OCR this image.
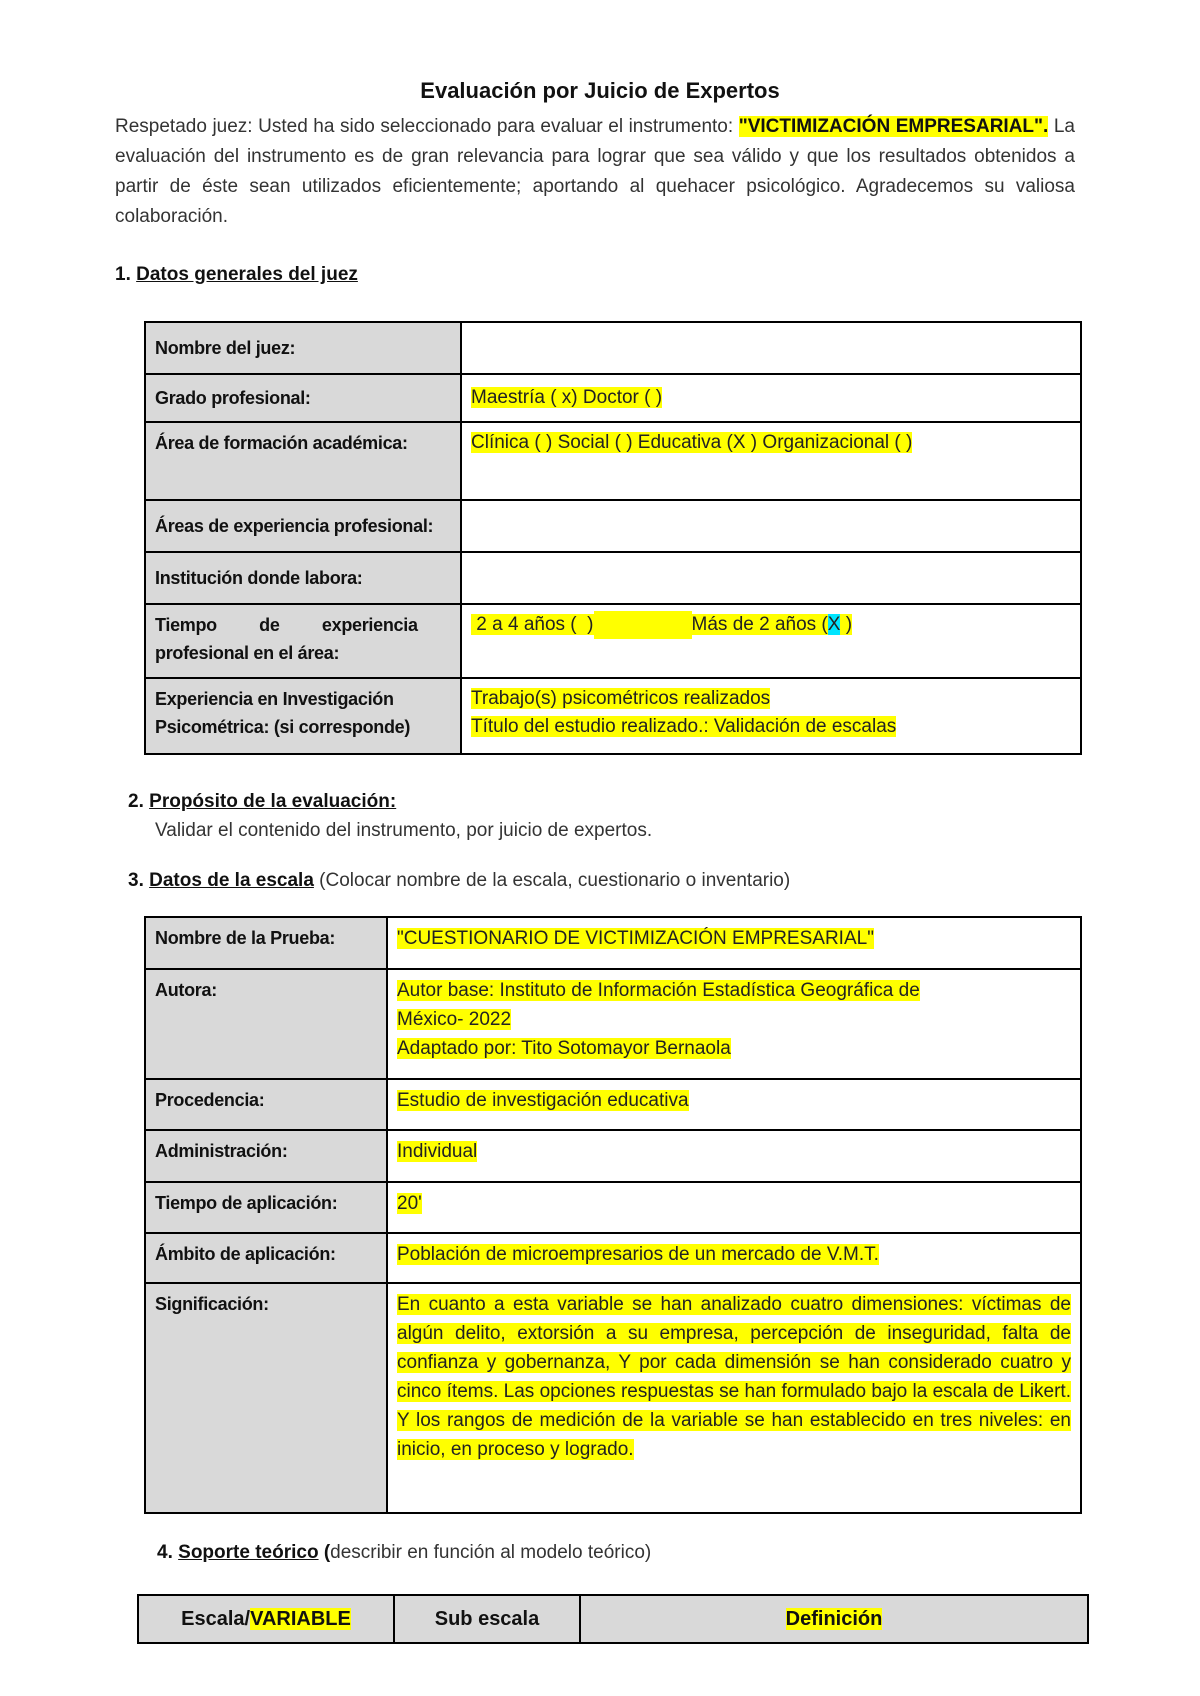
Evaluación por Juicio de Expertos
Respetado juez: Usted ha sido seleccionado para evaluar el instrumento: "VICTIMIZACIÓN EMPRESARIAL". La evaluación del instrumento es de gran relevancia para lograr que sea válido y que los resultados obtenidos a partir de éste sean utilizados eficientemente; aportando al quehacer psicológico. Agradecemos su valiosa colaboración.
1. Datos generales del juez
Nombre del juez:	
Grado profesional:	Maestría ( x) Doctor ( )
Área de formación académica:	Clínica ( ) Social ( ) Educativa (X ) Organizacional ( )
Áreas de experiencia profesional:	
Institución donde labora:	
Tiempo         de         experiencia
profesional en el área:	2 a 4 años (  ) Más de 2 años (X )
Experiencia en Investigación
Psicométrica: (si corresponde)	Trabajo(s) psicométricos realizados
Título del estudio realizado.: Validación de escalas
2. Propósito de la evaluación:
Validar el contenido del instrumento, por juicio de expertos.
3. Datos de la escala (Colocar nombre de la escala, cuestionario o inventario)
Nombre de la Prueba:	"CUESTIONARIO DE VICTIMIZACIÓN EMPRESARIAL"
Autora:	Autor base: Instituto de Información Estadística Geográfica de
México- 2022
Adaptado por: Tito Sotomayor Bernaola
Procedencia:	Estudio de investigación educativa
Administración:	Individual
Tiempo de aplicación:	20'
Ámbito de aplicación:	Población de microempresarios de un mercado de V.M.T.
Significación:	En cuanto a esta variable se han analizado cuatro dimensiones: víctimas de algún delito, extorsión a su empresa, percepción de inseguridad, falta de confianza y gobernanza, Y por cada dimensión se han considerado cuatro y cinco ítems. Las opciones respuestas se han formulado bajo la escala de Likert. Y los rangos de medición de la variable se han establecido en tres niveles: en inicio, en proceso y logrado.
4. Soporte teórico (describir en función al modelo teórico)
Escala/VARIABLE	Sub escala	Definición
